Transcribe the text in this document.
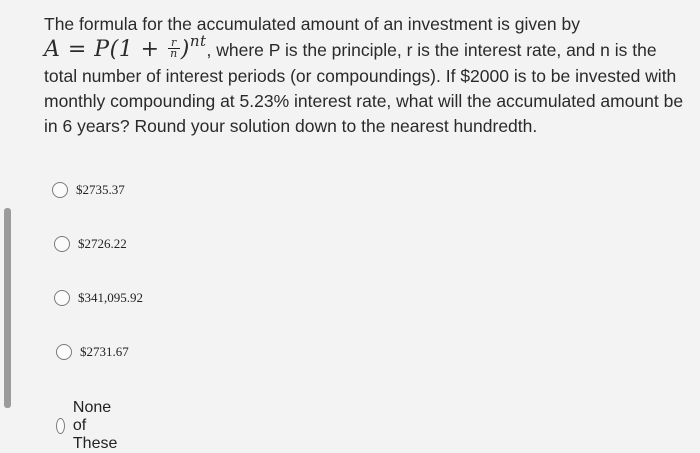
The formula for the accumulated amount of an investment is given by
$A = P(1 + \frac{r}{n} )^{nt}$, where P is the principle, r is the interest rate, and n is the
total number of interest periods (or compoundings). If $2000 is to be invested with
monthly compounding at 5.23% interest rate, what will the accumulated amount be
in 6 years? Round your solution down to the nearest hundredth.
$2735.37
$2726.22
$341,095.92
$2731.67
None of These
